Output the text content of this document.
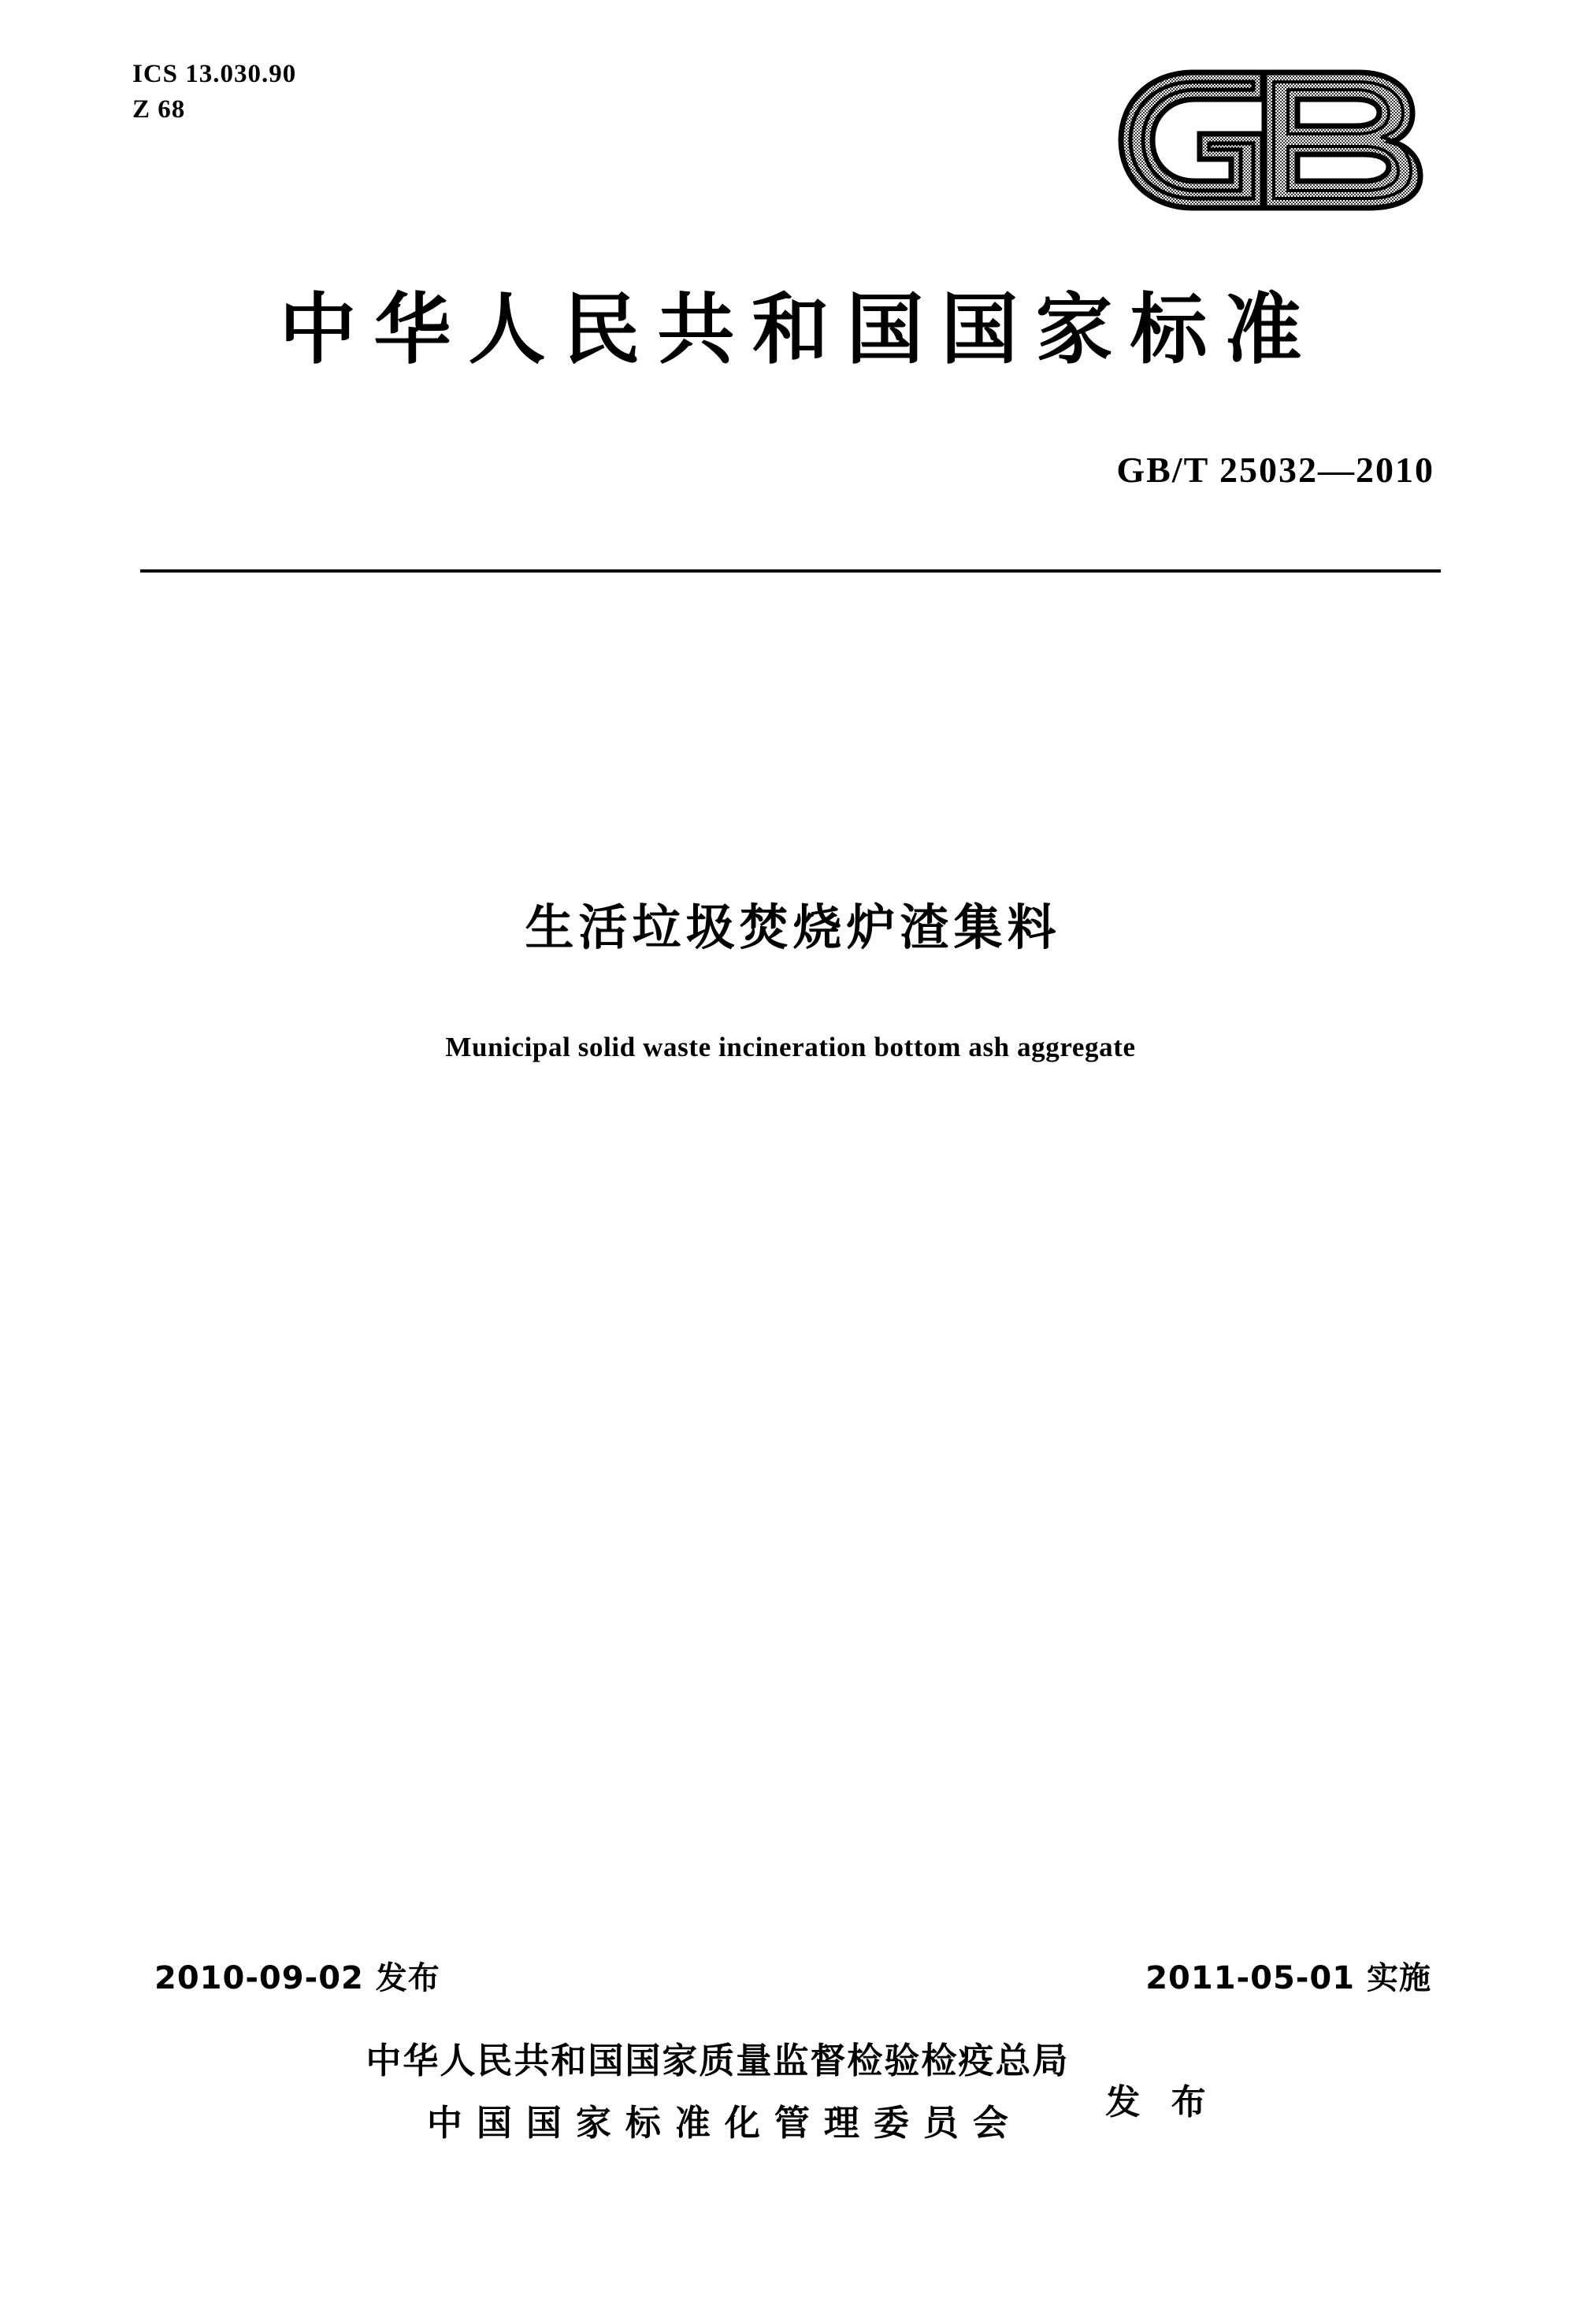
ICS 13.030.90
Z 68
中华人民共和国国家标准
GB/T 25032—2010
生活垃圾焚烧炉渣集料
Municipal solid waste incineration bottom ash aggregate
2010-09-02 发布	2011-05-01 实施
中华人民共和国国家质量监督检验检疫总局
中国国家标准化管理委员会	发 布
